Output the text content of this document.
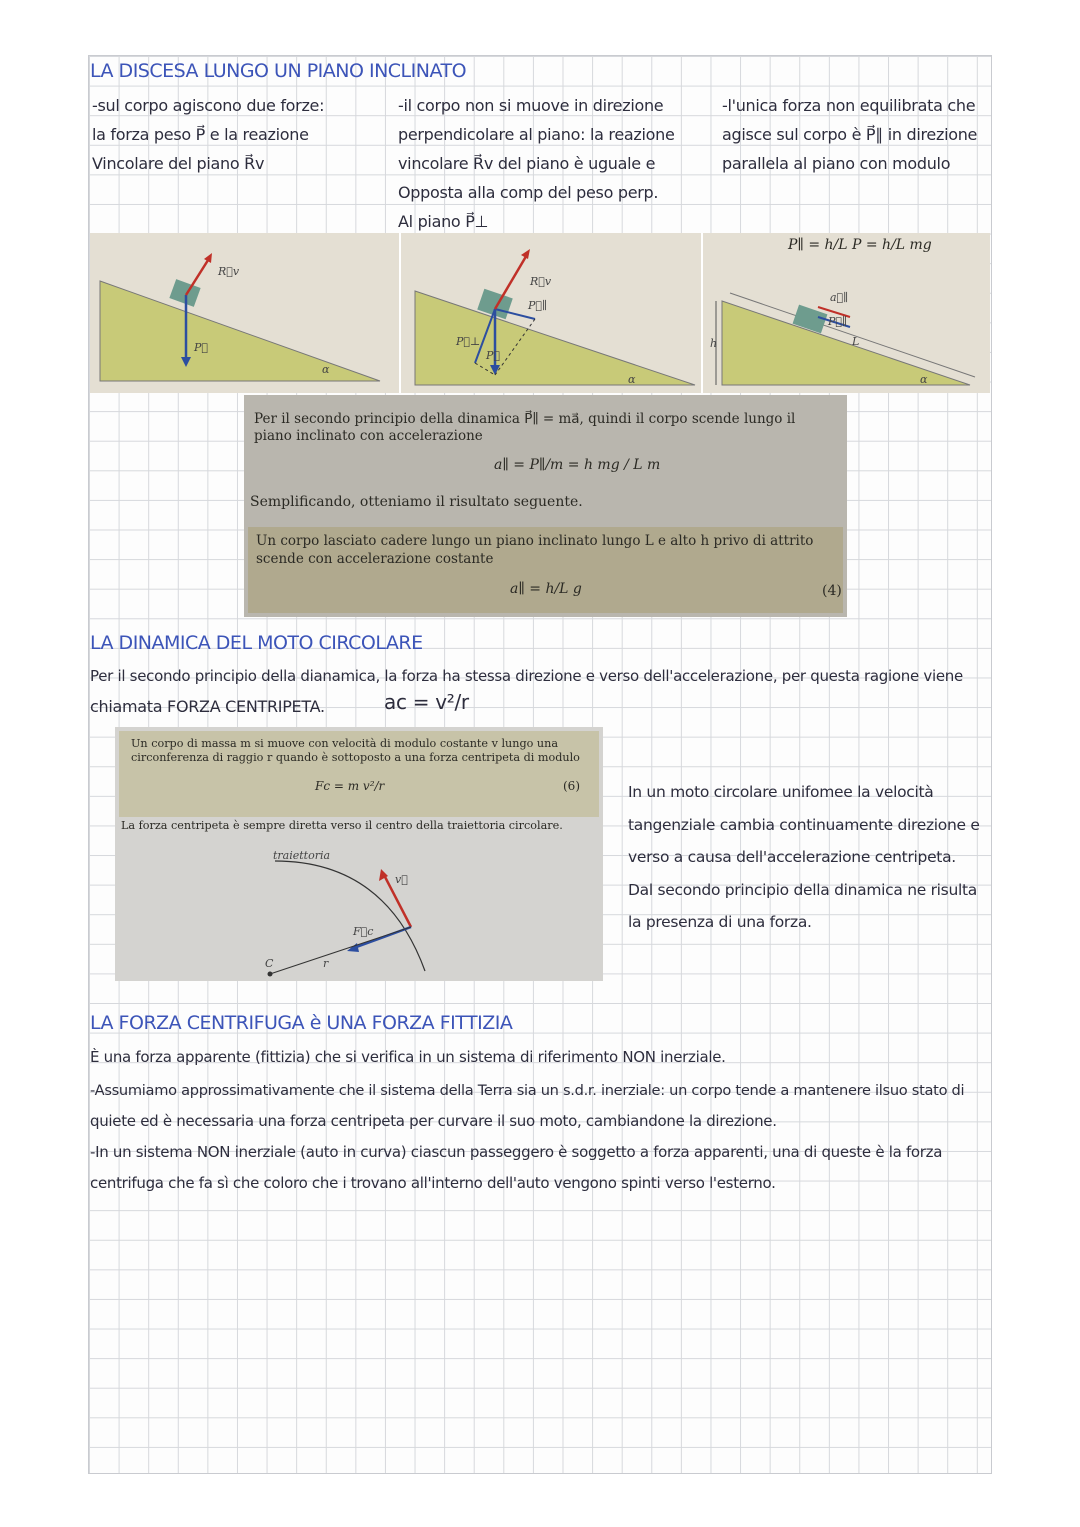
LA DISCESA LUNGO UN PIANO INCLINATO
-sul corpo agiscono due forze:
la forza peso P⃗ e la reazione
Vincolare del piano R⃗v
-il corpo non si muove in direzione
perpendicolare al piano: la reazione
vincolare R⃗v del piano è uguale e
Opposta alla comp del peso perp.
Al piano P⃗⊥
-l'unica forza non equilibrata che
agisce sul corpo è P⃗∥ in direzione
parallela al piano con modulo
R⃗v
P⃗
α
R⃗v
P⃗∥
P⃗⊥
P⃗
α
h	L
a⃗∥
P⃗∥
α
P∥ = h/L P = h/L mg
Per il secondo principio della dinamica P⃗∥ = ma⃗, quindi il corpo scende lungo il
piano inclinato con accelerazione
a∥ = P∥/m = h mg / L m
Semplificando, otteniamo il risultato seguente.
Un corpo lasciato cadere lungo un piano inclinato lungo L e alto h privo di attrito
scende con accelerazione costante
a∥ = h/L g	(4)
LA DINAMICA DEL MOTO CIRCOLARE
Per il secondo principio della dianamica, la forza ha stessa direzione e verso dell'accelerazione, per questa ragione viene
chiamata FORZA CENTRIPETA.	ac = v²/r
Un corpo di massa m si muove con velocità di modulo costante v lungo una
circonferenza di raggio r quando è sottoposto a una forza centripeta di modulo
Fc = m v²/r	(6)
La forza centripeta è sempre diretta verso il centro della traiettoria circolare.
traiettoria
v⃗
F⃗c
C	r
In un moto circolare unifomee la velocità
tangenziale cambia continuamente direzione e
verso a causa dell'accelerazione centripeta.
Dal secondo principio della dinamica ne risulta
la presenza di una forza.
LA FORZA CENTRIFUGA è UNA FORZA FITTIZIA
È una forza apparente (fittizia) che si verifica in un sistema di riferimento NON inerziale.
-Assumiamo approssimativamente che il sistema della Terra sia un s.d.r. inerziale: un corpo tende a mantenere ilsuo stato di
quiete ed è necessaria una forza centripeta per curvare il suo moto, cambiandone la direzione.
-In un sistema NON inerziale (auto in curva) ciascun passeggero è soggetto a forza apparenti, una di queste è la forza
centrifuga che fa sì che coloro che i trovano all'interno dell'auto vengono spinti verso l'esterno.
